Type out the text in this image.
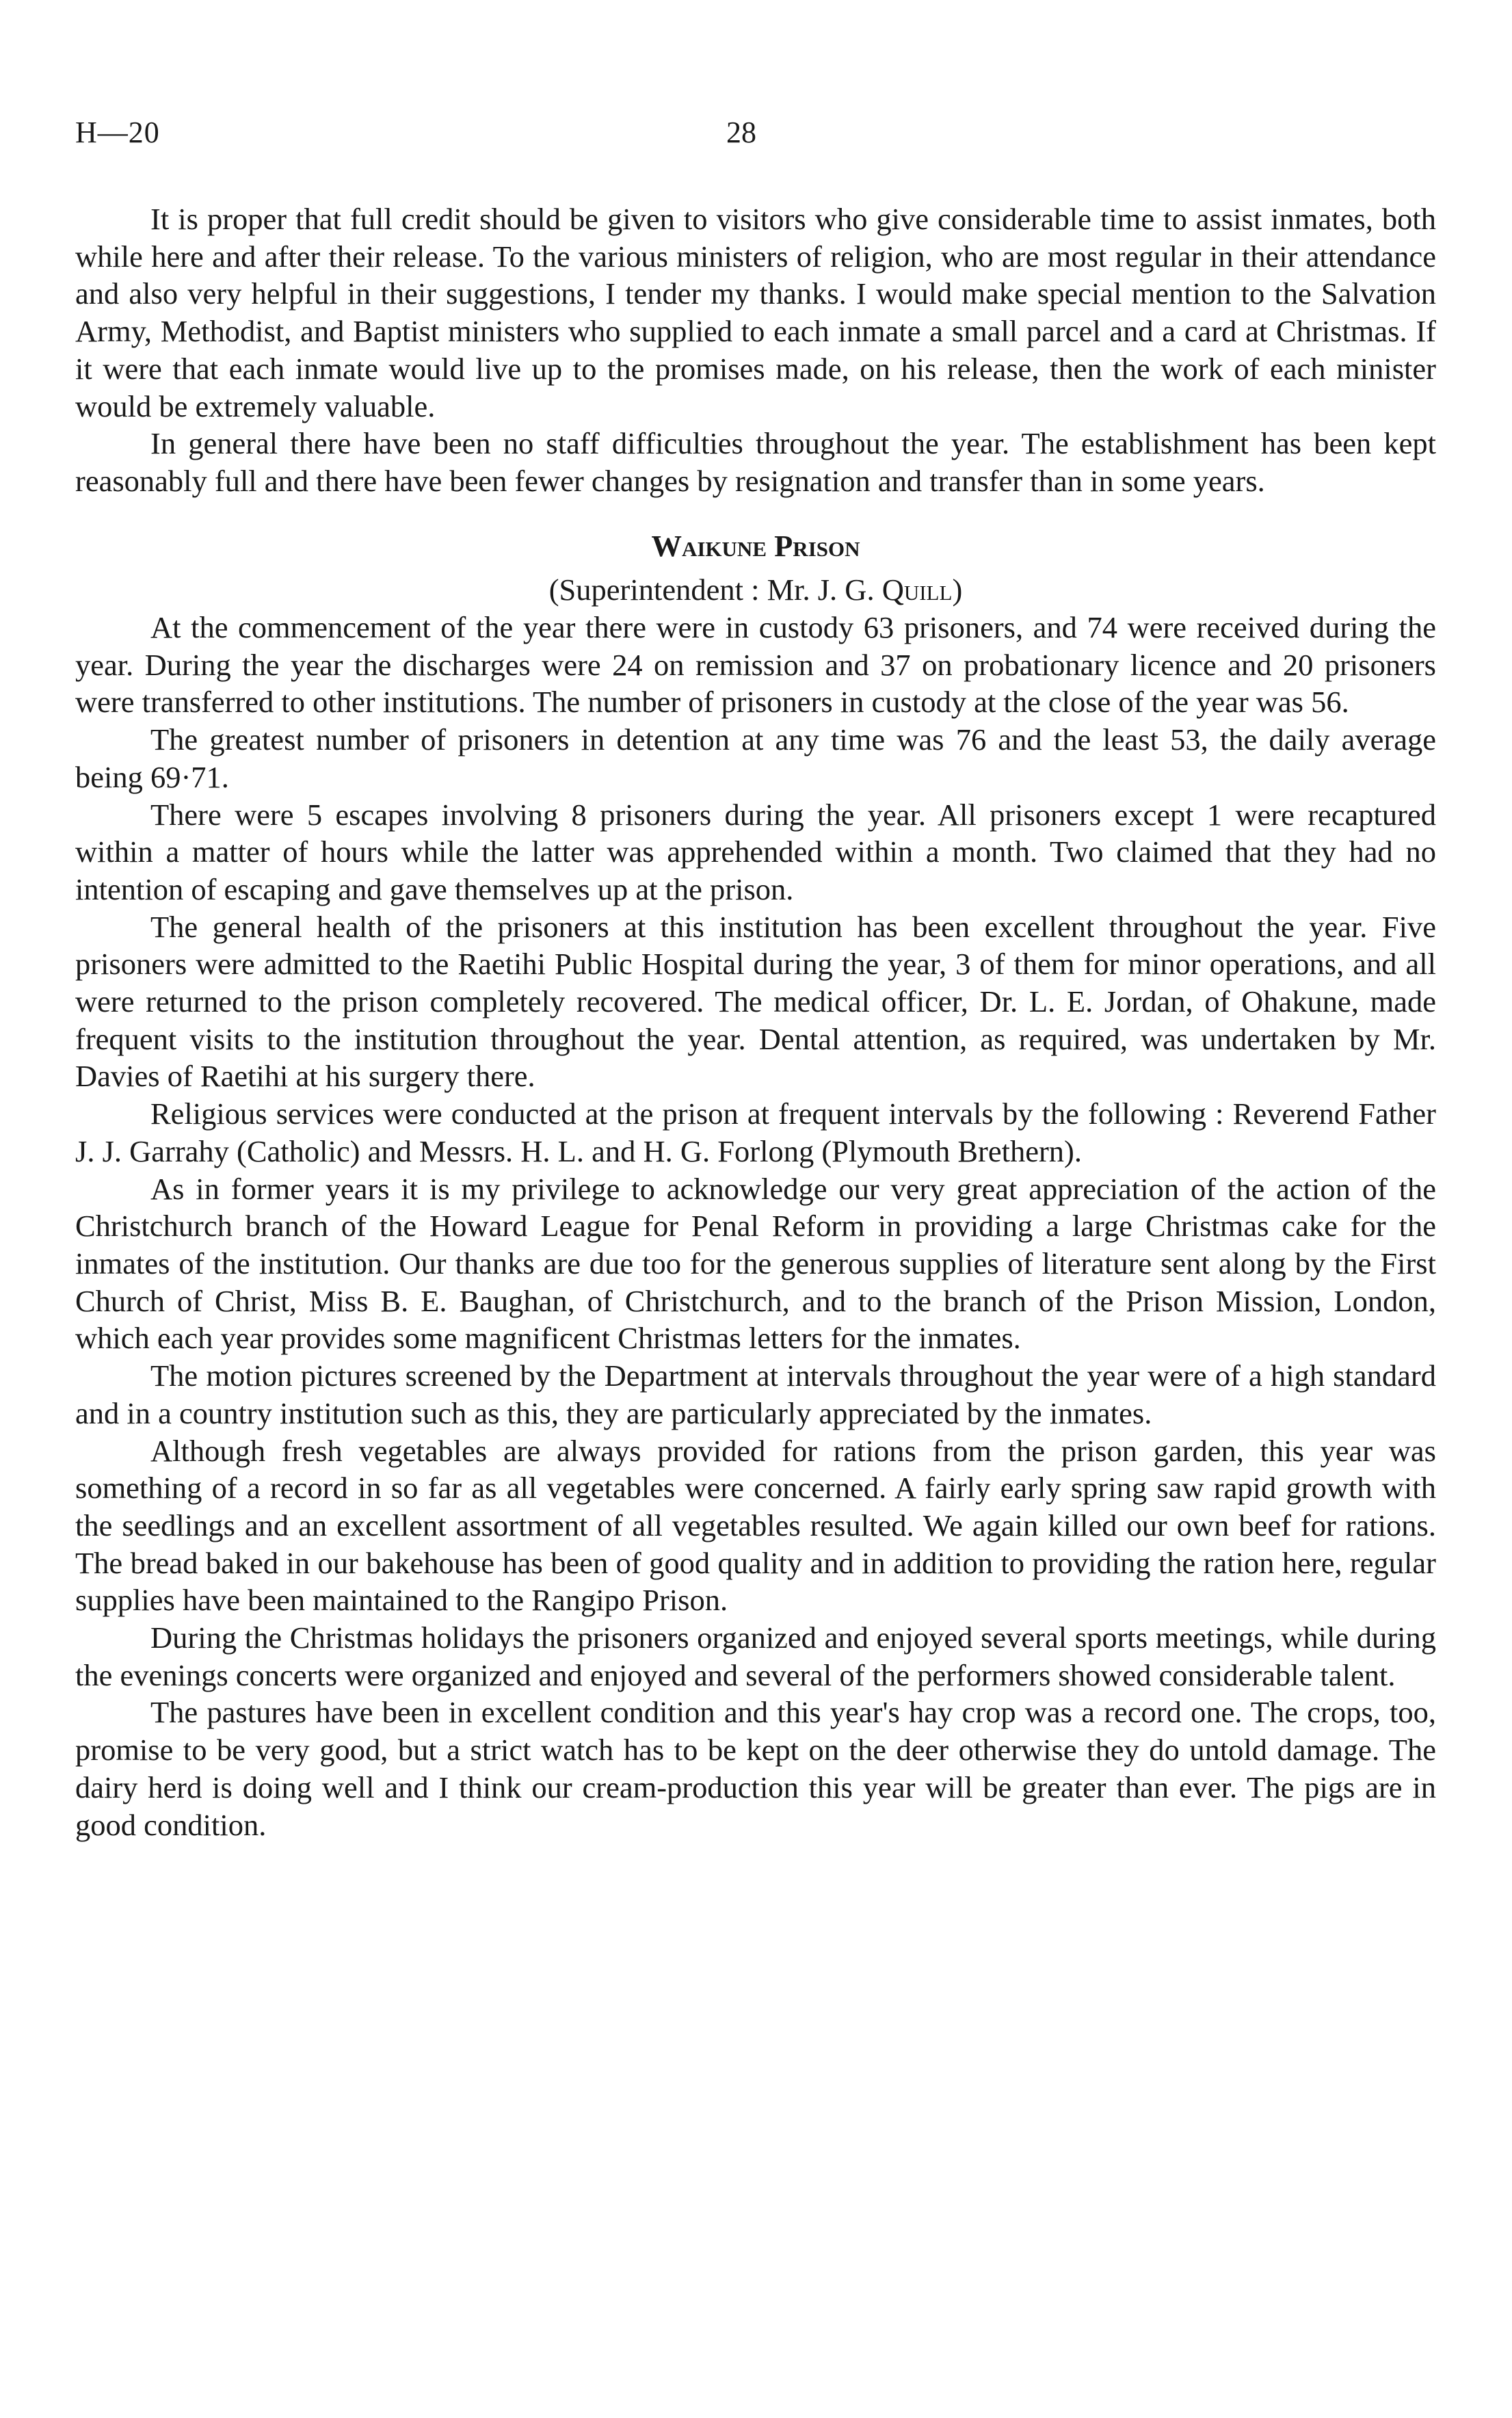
H—20	28

It is proper that full credit should be given to visitors who give considerable time to assist inmates, both while here and after their release. To the various ministers of religion, who are most regular in their attendance and also very helpful in their suggestions, I tender my thanks. I would make special mention to the Salvation Army, Methodist, and Baptist ministers who supplied to each inmate a small parcel and a card at Christmas. If it were that each inmate would live up to the promises made, on his release, then the work of each minister would be extremely valuable.

In general there have been no staff difficulties throughout the year. The establishment has been kept reasonably full and there have been fewer changes by resignation and transfer than in some years.

Waikune Prison
(Superintendent : Mr. J. G. Quill)

At the commencement of the year there were in custody 63 prisoners, and 74 were received during the year. During the year the discharges were 24 on remission and 37 on probationary licence and 20 prisoners were transferred to other institutions. The number of prisoners in custody at the close of the year was 56.

The greatest number of prisoners in detention at any time was 76 and the least 53, the daily average being 69·71.

There were 5 escapes involving 8 prisoners during the year. All prisoners except 1 were recaptured within a matter of hours while the latter was apprehended within a month. Two claimed that they had no intention of escaping and gave themselves up at the prison.

The general health of the prisoners at this institution has been excellent throughout the year. Five prisoners were admitted to the Raetihi Public Hospital during the year, 3 of them for minor operations, and all were returned to the prison completely recovered. The medical officer, Dr. L. E. Jordan, of Ohakune, made frequent visits to the institution throughout the year. Dental attention, as required, was undertaken by Mr. Davies of Raetihi at his surgery there.

Religious services were conducted at the prison at frequent intervals by the following : Reverend Father J. J. Garrahy (Catholic) and Messrs. H. L. and H. G. Forlong (Plymouth Brethern).

As in former years it is my privilege to acknowledge our very great appreciation of the action of the Christchurch branch of the Howard League for Penal Reform in providing a large Christmas cake for the inmates of the institution. Our thanks are due too for the generous supplies of literature sent along by the First Church of Christ, Miss B. E. Baughan, of Christchurch, and to the branch of the Prison Mission, London, which each year provides some magnificent Christmas letters for the inmates.

The motion pictures screened by the Department at intervals throughout the year were of a high standard and in a country institution such as this, they are particularly appreciated by the inmates.

Although fresh vegetables are always provided for rations from the prison garden, this year was something of a record in so far as all vegetables were concerned. A fairly early spring saw rapid growth with the seedlings and an excellent assortment of all vegetables resulted. We again killed our own beef for rations. The bread baked in our bakehouse has been of good quality and in addition to providing the ration here, regular supplies have been maintained to the Rangipo Prison.

During the Christmas holidays the prisoners organized and enjoyed several sports meetings, while during the evenings concerts were organized and enjoyed and several of the performers showed considerable talent.

The pastures have been in excellent condition and this year's hay crop was a record one. The crops, too, promise to be very good, but a strict watch has to be kept on the deer otherwise they do untold damage. The dairy herd is doing well and I think our cream-production this year will be greater than ever. The pigs are in good condition.
